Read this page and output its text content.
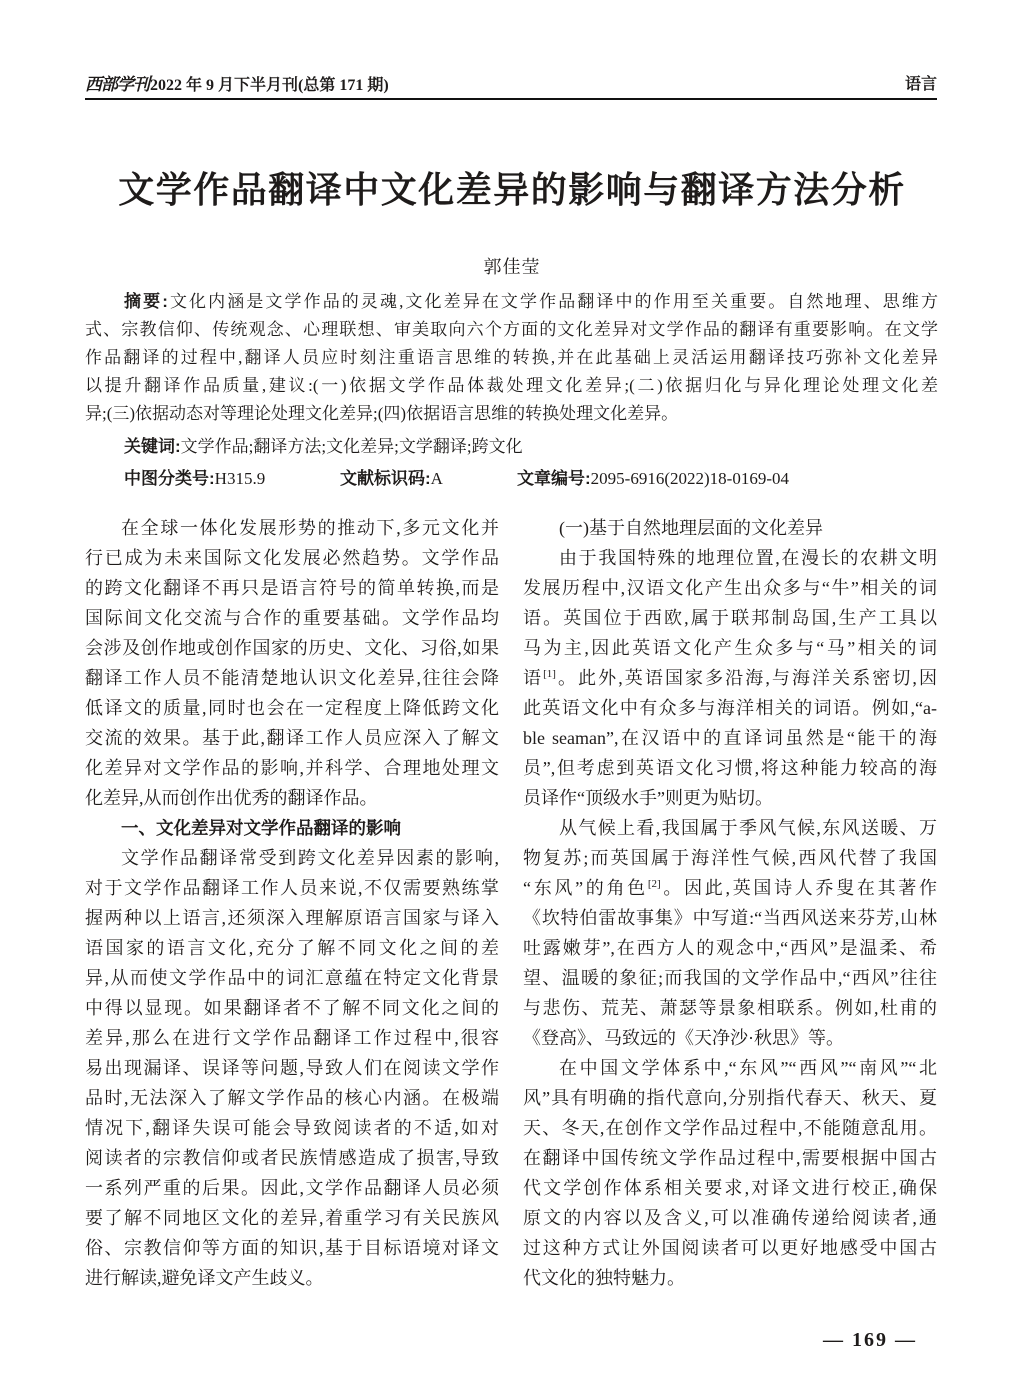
西部学刊2022 年 9 月下半月刊(总第 171 期)	语言
文学作品翻译中文化差异的影响与翻译方法分析
郭佳莹
摘要:文化内涵是文学作品的灵魂,文化差异在文学作品翻译中的作用至关重要。自然地理、思维方
式、宗教信仰、传统观念、心理联想、审美取向六个方面的文化差异对文学作品的翻译有重要影响。在文学
作品翻译的过程中,翻译人员应时刻注重语言思维的转换,并在此基础上灵活运用翻译技巧弥补文化差异
以提升翻译作品质量,建议:(一)依据文学作品体裁处理文化差异;(二)依据归化与异化理论处理文化差
异;(三)依据动态对等理论处理文化差异;(四)依据语言思维的转换处理文化差异。
关键词:文学作品;翻译方法;文化差异;文学翻译;跨文化
中图分类号:H315.9	文献标识码:A	文章编号:2095-6916(2022)18-0169-04
在全球一体化发展形势的推动下,多元文化并
行已成为未来国际文化发展必然趋势。文学作品
的跨文化翻译不再只是语言符号的简单转换,而是
国际间文化交流与合作的重要基础。文学作品均
会涉及创作地或创作国家的历史、文化、习俗,如果
翻译工作人员不能清楚地认识文化差异,往往会降
低译文的质量,同时也会在一定程度上降低跨文化
交流的效果。基于此,翻译工作人员应深入了解文
化差异对文学作品的影响,并科学、合理地处理文
化差异,从而创作出优秀的翻译作品。
一、文化差异对文学作品翻译的影响
文学作品翻译常受到跨文化差异因素的影响,
对于文学作品翻译工作人员来说,不仅需要熟练掌
握两种以上语言,还须深入理解原语言国家与译入
语国家的语言文化,充分了解不同文化之间的差
异,从而使文学作品中的词汇意蕴在特定文化背景
中得以显现。如果翻译者不了解不同文化之间的
差异,那么在进行文学作品翻译工作过程中,很容
易出现漏译、误译等问题,导致人们在阅读文学作
品时,无法深入了解文学作品的核心内涵。在极端
情况下,翻译失误可能会导致阅读者的不适,如对
阅读者的宗教信仰或者民族情感造成了损害,导致
一系列严重的后果。因此,文学作品翻译人员必须
要了解不同地区文化的差异,着重学习有关民族风
俗、宗教信仰等方面的知识,基于目标语境对译文
进行解读,避免译文产生歧义。
(一)基于自然地理层面的文化差异
由于我国特殊的地理位置,在漫长的农耕文明
发展历程中,汉语文化产生出众多与“牛”相关的词
语。英国位于西欧,属于联邦制岛国,生产工具以
马为主,因此英语文化产生众多与“马”相关的词
语[1]。此外,英语国家多沿海,与海洋关系密切,因
此英语文化中有众多与海洋相关的词语。例如,“a-
ble seaman”,在汉语中的直译词虽然是“能干的海
员”,但考虑到英语文化习惯,将这种能力较高的海
员译作“顶级水手”则更为贴切。
从气候上看,我国属于季风气候,东风送暖、万
物复苏;而英国属于海洋性气候,西风代替了我国
“东风”的角色[2]。因此,英国诗人乔叟在其著作
《坎特伯雷故事集》中写道:“当西风送来芬芳,山林
吐露嫩芽”,在西方人的观念中,“西风”是温柔、希
望、温暖的象征;而我国的文学作品中,“西风”往往
与悲伤、荒芜、萧瑟等景象相联系。例如,杜甫的
《登高》、马致远的《天净沙·秋思》等。
在中国文学体系中,“东风”“西风”“南风”“北
风”具有明确的指代意向,分别指代春天、秋天、夏
天、冬天,在创作文学作品过程中,不能随意乱用。
在翻译中国传统文学作品过程中,需要根据中国古
代文学创作体系相关要求,对译文进行校正,确保
原文的内容以及含义,可以准确传递给阅读者,通
过这种方式让外国阅读者可以更好地感受中国古
代文化的独特魅力。
— 169 —
